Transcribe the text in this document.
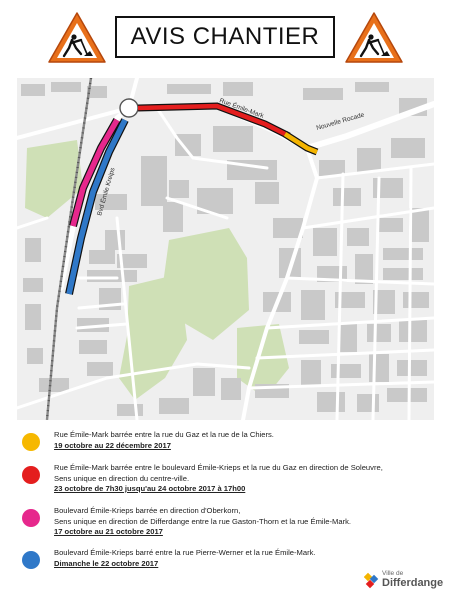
AVIS CHANTIER
Rue Émile-Mark
Nouvelle Rocade
Bvd Émile Kreips
Rue Émile-Mark barrée entre la rue du Gaz et la rue de la Chiers.
19 octobre au 22 décembre 2017
Rue Émile-Mark barrée entre le boulevard Émile-Krieps et la rue du Gaz en direction de Soleuvre,
Sens unique en direction du centre-ville.
23 octobre de 7h30 jusqu'au 24 octobre 2017 à 17h00
Boulevard Émile-Krieps barrée en direction d'Oberkorn,
Sens unique en direction de Differdange entre la rue Gaston-Thorn et la rue Émile-Mark.
17 octobre au 21 octobre 2017
Boulevard Émile-Krieps barré entre la rue Pierre-Werner et la rue Émile-Mark.
Dimanche le 22 octobre 2017
Ville de
Differdange
